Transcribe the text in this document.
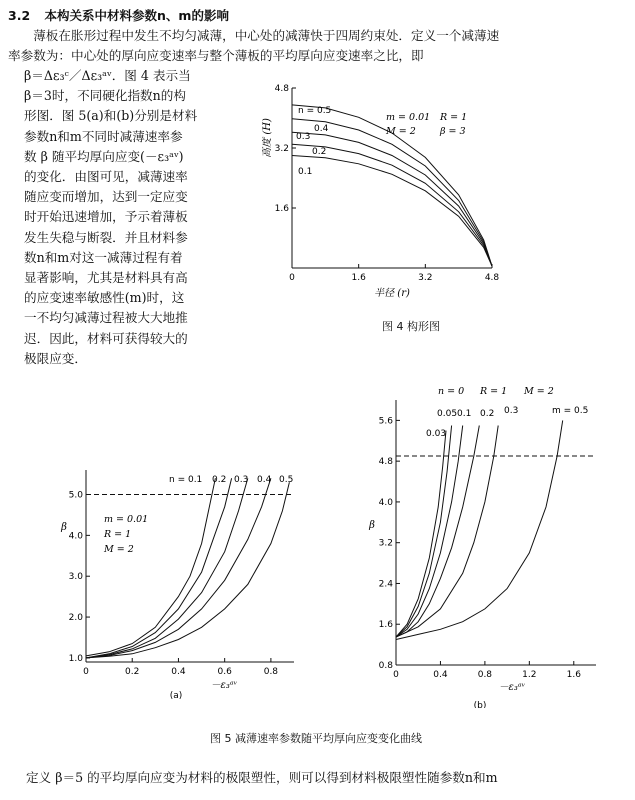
3.2 本构关系中材料参数n、m的影响
薄板在胀形过程中发生不均匀减薄，中心处的减薄快于四周约束处．定义一个减薄速
率参数为：中心处的厚向应变速率与整个薄板的平均厚向应变速率之比，即
β＝Δε₃ᶜ／Δε₃ᵃᵛ．图 4 表示当
β＝3时，不同硬化指数n的构
形图．图 5(a)和(b)分别是材料
参数n和m不同时减薄速率参
数 β 随平均厚向应变(－ε₃ᵃᵛ)
的变化．由图可见，减薄速率
随应变而增加，达到一定应变
时开始迅速增加，予示着薄板
发生失稳与断裂．并且材料参
数n和m对这一减薄过程有着
显著影响，尤其是材料具有高
的应变速率敏感性(m)时，这
一不均匀减薄过程被大大地推
迟．因此，材料可获得较大的
极限应变．
0	1.6	3.2	4.8
1.6
3.2
4.8
n = 0.5
0.4
0.3
0.2
0.1
半径 (r)
高度 (H)
m = 0.01 R = 1
M = 2	β = 3
图 4 构形图
0	0.2	0.4	0.6	0.8
1.0
2.0
3.0
4.0
5.0
n = 0.1 0.2 0.3 0.4 0.5
－ε₃ᵃᵛ
β
m = 0.01
R = 1
M = 2
(a)
0	0.4	0.8	1.2	1.6
0.8
1.6
2.4
3.2
4.0
4.8
5.6
0.03
0.05 0.1 0.2 0.3	m = 0.5
－ε₃ᵃᵛ
β
n = 0 R = 1 M = 2
(b)
图 5 减薄速率参数随平均厚向应变变化曲线
定义 β＝5 的平均厚向应变为材料的极限塑性，则可以得到材料极限塑性随参数n和m
